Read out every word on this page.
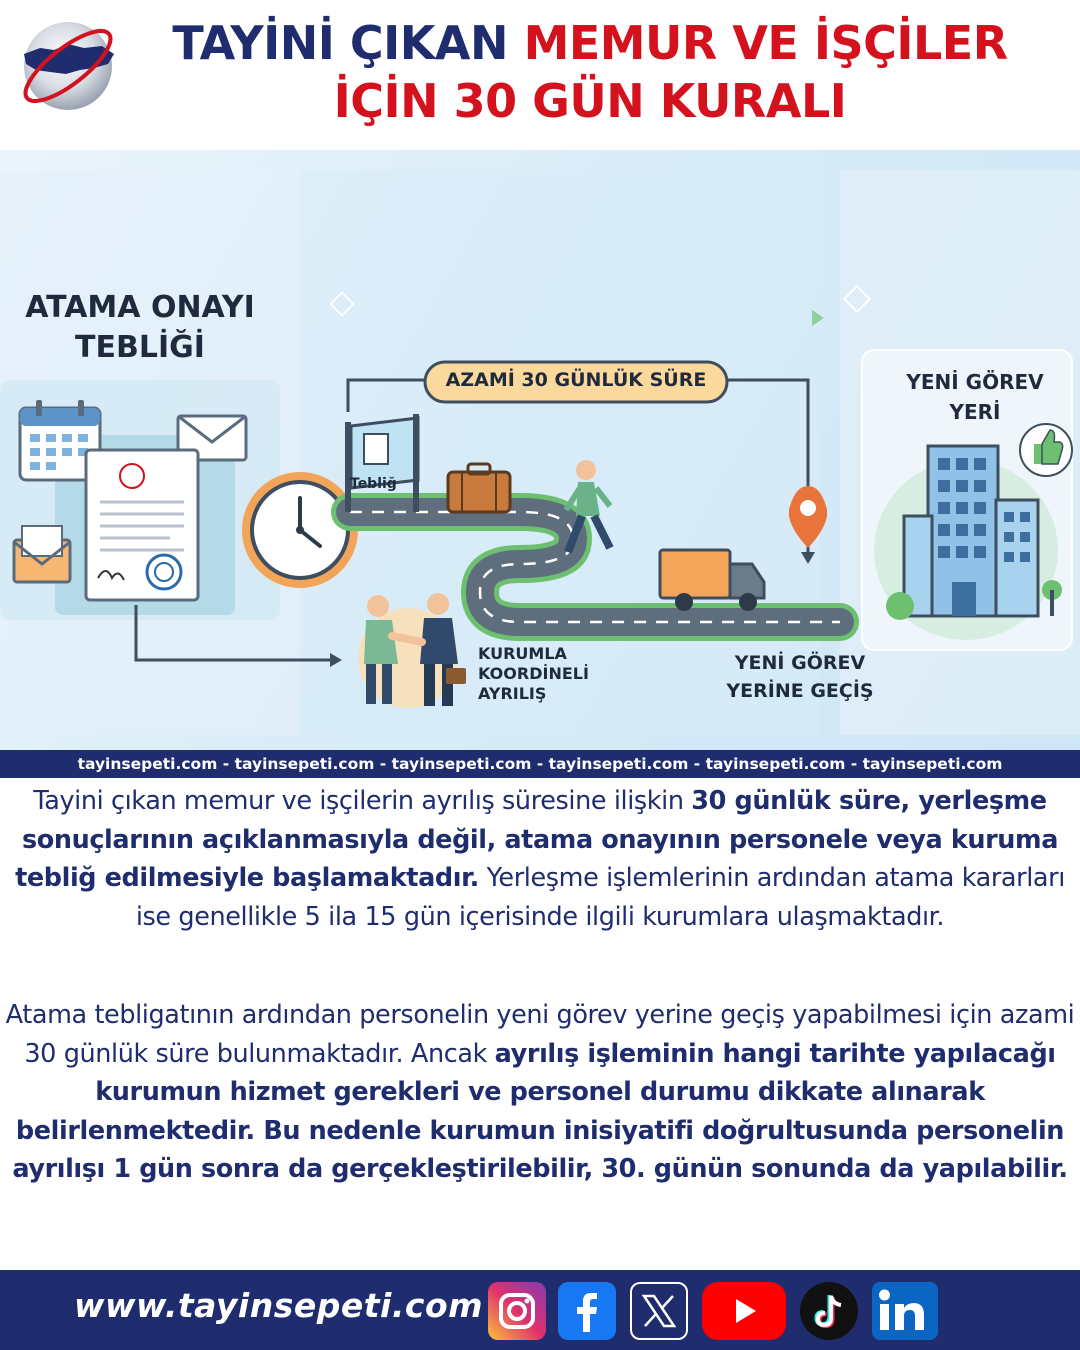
TAYİNİ ÇIKAN MEMUR VE İŞÇİLER
İÇİN 30 GÜN KURALI
ATAMA ONAYI
TEBLİĞİ
AZAMİ 30 GÜNLÜK SÜRE
Tebliğ
KURUMLA
KOORDİNELİ
AYRILIŞ
YENİ GÖREV
YERİNE GEÇİŞ
YENİ GÖREV
YERİ
tayinsepeti.com - tayinsepeti.com - tayinsepeti.com - tayinsepeti.com - tayinsepeti.com - tayinsepeti.com
Tayini çıkan memur ve işçilerin ayrılış süresine ilişkin 30 günlük süre, yerleşme sonuçlarının açıklanmasıyla değil, atama onayının personele veya kuruma tebliğ edilmesiyle başlamaktadır. Yerleşme işlemlerinin ardından atama kararları ise genellikle 5 ila 15 gün içerisinde ilgili kurumlara ulaşmaktadır.
Atama tebligatının ardından personelin yeni görev yerine geçiş yapabilmesi için azami 30 günlük süre bulunmaktadır. Ancak ayrılış işleminin hangi tarihte yapılacağı kurumun hizmet gerekleri ve personel durumu dikkate alınarak belirlenmektedir. Bu nedenle kurumun inisiyatifi doğrultusunda personelin ayrılışı 1 gün sonra da gerçekleştirilebilir, 30. günün sonunda da yapılabilir.
www.tayinsepeti.com
